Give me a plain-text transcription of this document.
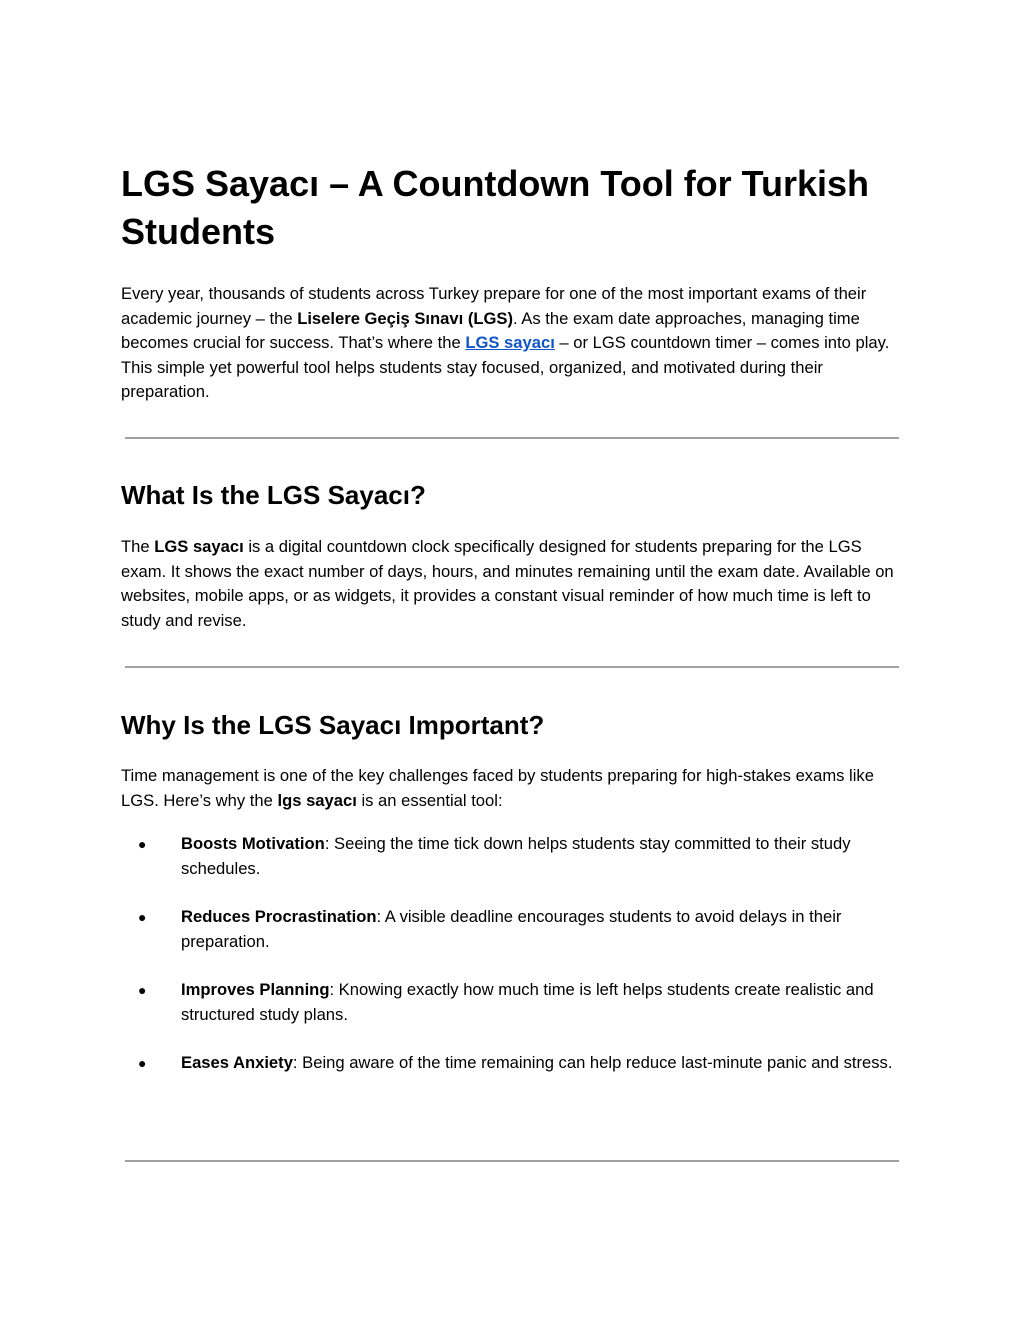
LGS Sayacı – A Countdown Tool for Turkish Students

Every year, thousands of students across Turkey prepare for one of the most important exams of their academic journey – the Liselere Geçiş Sınavı (LGS). As the exam date approaches, managing time becomes crucial for success. That’s where the LGS sayacı – or LGS countdown timer – comes into play. This simple yet powerful tool helps students stay focused, organized, and motivated during their preparation.

What Is the LGS Sayacı?

The LGS sayacı is a digital countdown clock specifically designed for students preparing for the LGS exam. It shows the exact number of days, hours, and minutes remaining until the exam date. Available on websites, mobile apps, or as widgets, it provides a constant visual reminder of how much time is left to study and revise.

Why Is the LGS Sayacı Important?

Time management is one of the key challenges faced by students preparing for high-stakes exams like LGS. Here’s why the lgs sayacı is an essential tool:

● Boosts Motivation: Seeing the time tick down helps students stay committed to their study schedules.
● Reduces Procrastination: A visible deadline encourages students to avoid delays in their preparation.
● Improves Planning: Knowing exactly how much time is left helps students create realistic and structured study plans.
● Eases Anxiety: Being aware of the time remaining can help reduce last-minute panic and stress.
